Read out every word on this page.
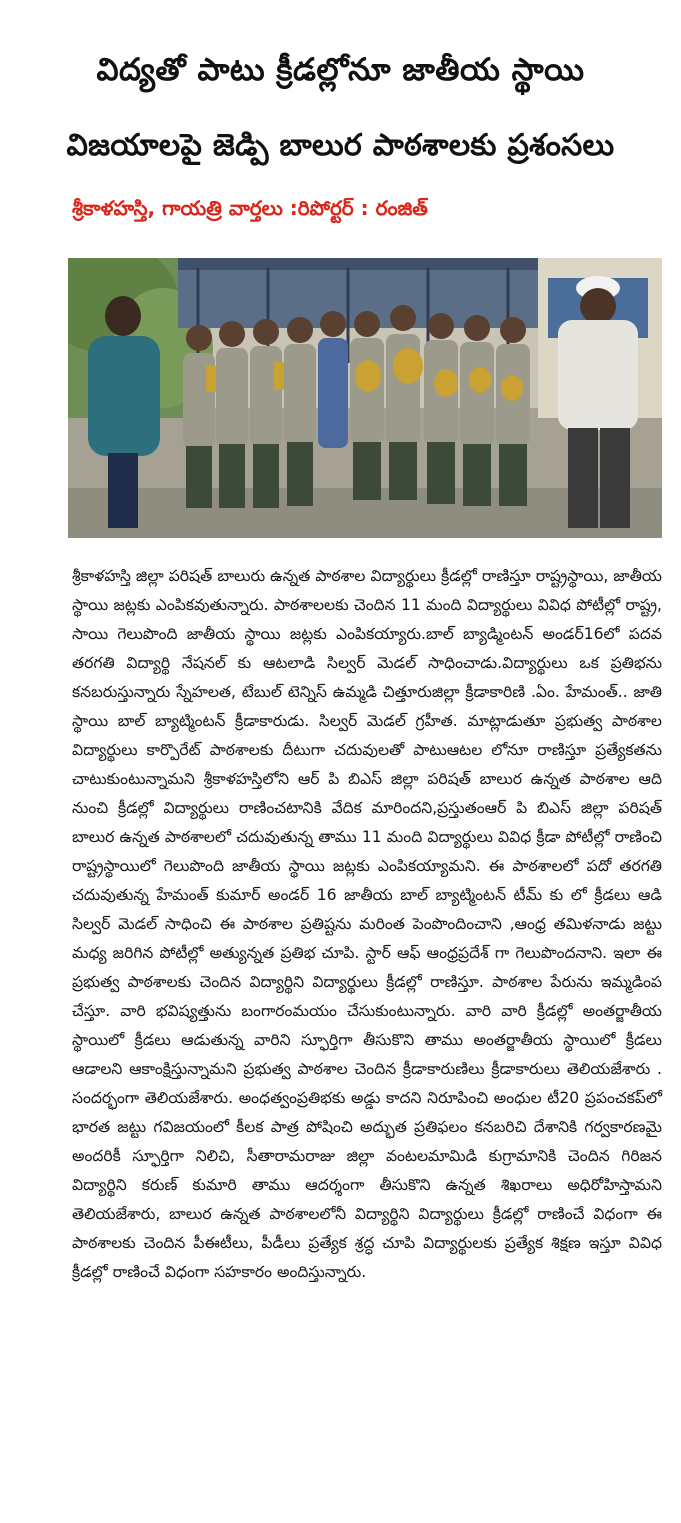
విద్యతో పాటు క్రీడల్లోనూ జాతీయ స్థాయి
విజయాలపై జెడ్పి బాలుర పాఠశాలకు ప్రశంసలు
శ్రీకాళహస్తి, గాయత్రి వార్తలు :రిపోర్టర్ : రంజిత్

శ్రీకాళహస్తి జిల్లా పరిషత్ బాలురు ఉన్నత పాఠశాల విద్యార్థులు క్రీడల్లో రాణిస్తూ రాష్ట్రస్థాయి, జాతీయ స్థాయి జట్లకు ఎంపికవుతున్నారు. పాఠశాలలకు చెందిన 11 మంది విద్యార్థులు వివిధ పోటీల్లో రాష్ట్ర, సాయి గెలుపొంది జాతీయ స్థాయి జట్లకు ఎంపికయ్యారు.బాల్ బ్యాడ్మింటన్ అండర్16లో పదవ తరగతి విద్యార్థి నేషనల్ కు ఆటలాడి సిల్వర్ మెడల్ సాధించాడు.విద్యార్థులు ఒక ప్రతిభను కనబరుస్తున్నారు స్నేహలత, టేబుల్ టెన్నిస్ ఉమ్మడి చిత్తూరుజిల్లా క్రీడాకారిణి .ఏం. హేమంత్.. జాతి స్థాయి బాల్ బ్యాట్మింటన్ క్రీడాకారుడు. సిల్వర్ మెడల్ గ్రహీత. మాట్లాడుతూ ప్రభుత్వ పాఠశాల విద్యార్థులు కార్పొరేట్ పాఠశాలకు దీటుగా చదువులతో పాటుఆటల లోనూ రాణిస్తూ ప్రత్యేకతను చాటుకుంటున్నామని శ్రీకాళహస్తిలోని ఆర్ పి బిఎస్ జిల్లా పరిషత్ బాలుర ఉన్నత పాఠశాల ఆది నుంచి క్రీడల్లో విద్యార్థులు రాణించటానికి వేదిక మారిందని,ప్రస్తుతంఆర్ పి బిఎస్ జిల్లా పరిషత్ బాలుర ఉన్నత పాఠశాలలో చదువుతున్న తాము 11 మంది విద్యార్థులు వివిధ క్రీడా పోటీల్లో రాణించి రాష్ట్రస్థాయిలో గెలుపొంది జాతీయ స్థాయి జట్లకు ఎంపికయ్యామని. ఈ పాఠశాలలో పదో తరగతి చదువుతున్న హేమంత్ కుమార్ అండర్ 16 జాతీయ బాల్ బ్యాట్మింటన్ టీమ్ కు లో క్రీడలు ఆడి సిల్వర్ మెడల్ సాధించి ఈ పాఠశాల ప్రతిష్టను మరింత పెంపొందించాని ,ఆంధ్ర తమిళనాడు జట్టు మధ్య జరిగిన పోటీల్లో అత్యున్నత ప్రతిభ చూపి. స్టార్ ఆఫ్ ఆంధ్రప్రదేశ్ గా గెలుపొందనాని. ఇలా ఈ ప్రభుత్వ పాఠశాలకు చెందిన విద్యార్థిని విద్యార్థులు క్రీడల్లో రాణిస్తూ. పాఠశాల పేరును ఇమ్మడింప చేస్తూ. వారి భవిష్యత్తును బంగారంమయం చేసుకుంటున్నారు. వారి వారి క్రీడల్లో అంతర్జాతీయ స్థాయిలో క్రీడలు ఆడుతున్న వారిని స్ఫూర్తిగా తీసుకొని తాము అంతర్జాతీయ స్థాయిలో క్రీడలు ఆడాలని ఆకాంక్షిస్తున్నామని ప్రభుత్వ పాఠశాల చెందిన క్రీడాకారుణిలు క్రీడాకారులు తెలియజేశారు . సందర్భంగా తెలియజేశారు. అంధత్వంప్రతిభకు అడ్డు కాదని నిరూపించి అంధుల టీ20 ప్రపంచకప్‌లో భారత జట్టు గవిజయంలో కీలక పాత్ర పోషించి అద్భుత ప్రతిఫలం కనబరిచి దేశానికి గర్వకారణమై అందరికీ స్ఫూర్తిగా నిలిచి, సీతారామరాజు జిల్లా వంటలమామిడి కుగ్రామానికి చెందిన గిరిజన విద్యార్థిని కరుణ్ కుమారి తాము ఆదర్శంగా తీసుకొని ఉన్నత శిఖరాలు అధిరోహిస్తామని తెలియజేశారు, బాలుర ఉన్నత పాఠశాలలోనీ విద్యార్థిని విద్యార్థులు క్రీడల్లో రాణించే విధంగా ఈ పాఠశాలకు చెందిన పీఈటీలు, పీడీలు ప్రత్యేక శ్రద్ధ చూపి విద్యార్థులకు ప్రత్యేక శిక్షణ ఇస్తూ వివిధ క్రీడల్లో రాణించే విధంగా సహకారం అందిస్తున్నారు.
